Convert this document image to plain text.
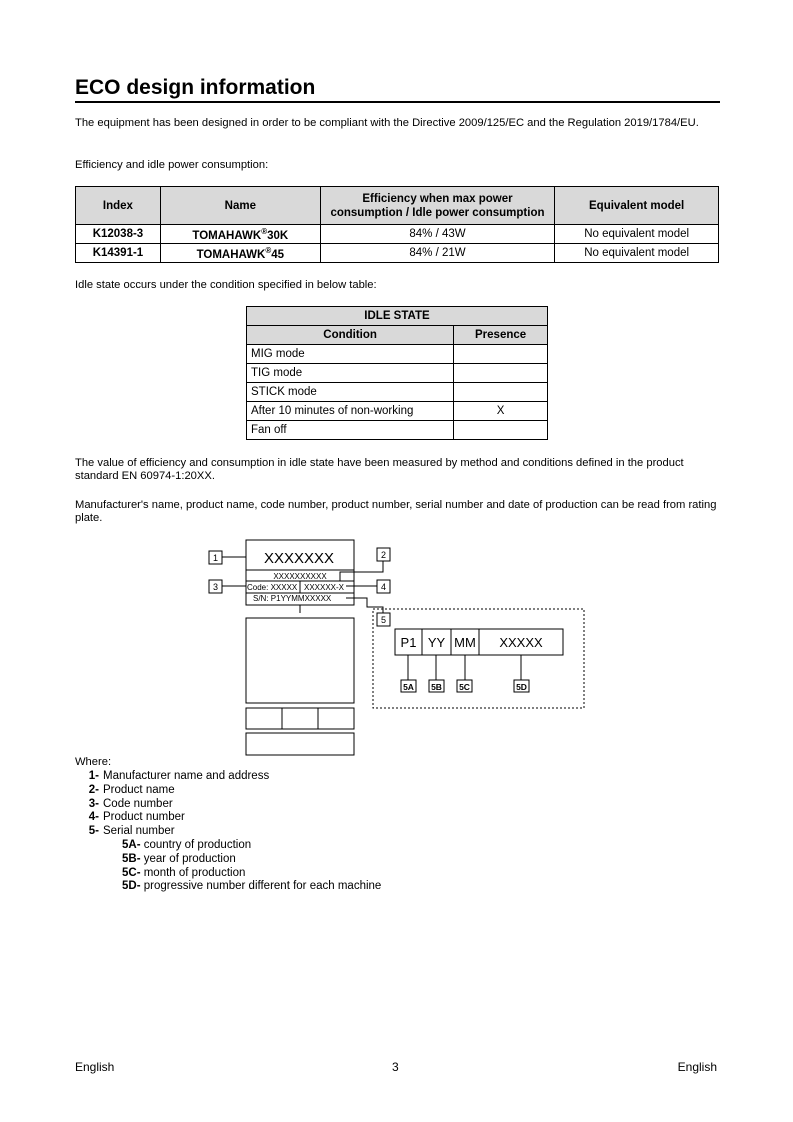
ECO design information
The equipment has been designed in order to be compliant with the Directive 2009/125/EC and the Regulation 2019/1784/EU.
Efficiency and idle power consumption:
Index	Name	Efficiency when max power consumption / Idle power consumption	Equivalent model
K12038-3	TOMAHAWK®30K	84% / 43W	No equivalent model
K14391-1	TOMAHAWK®45	84% / 21W	No equivalent model
Idle state occurs under the condition specified in below table:
IDLE STATE	
Condition	Presence
MIG mode	
TIG mode	
STICK mode	
After 10 minutes of non-working	X
Fan off	
The value of efficiency and consumption in idle state have been measured by method and conditions defined in the product standard EN 60974-1:20XX.
Manufacturer's name, product name, code number, product number, serial number and date of production can be read from rating plate.
XXXXXXX
XXXXXXXXXX
Code: XXXXX XXXXXX-X
S/N: P1YYMMXXXXX
1	2
3	4
5
P1 YY MM XXXXX
5A 5B 5C	5D
Where:
1- Manufacturer name and address
2- Product name
3- Code number
4- Product number
5- Serial number
5A- country of production
5B- year of production
5C- month of production
5D- progressive number different for each machine
English	3	English
